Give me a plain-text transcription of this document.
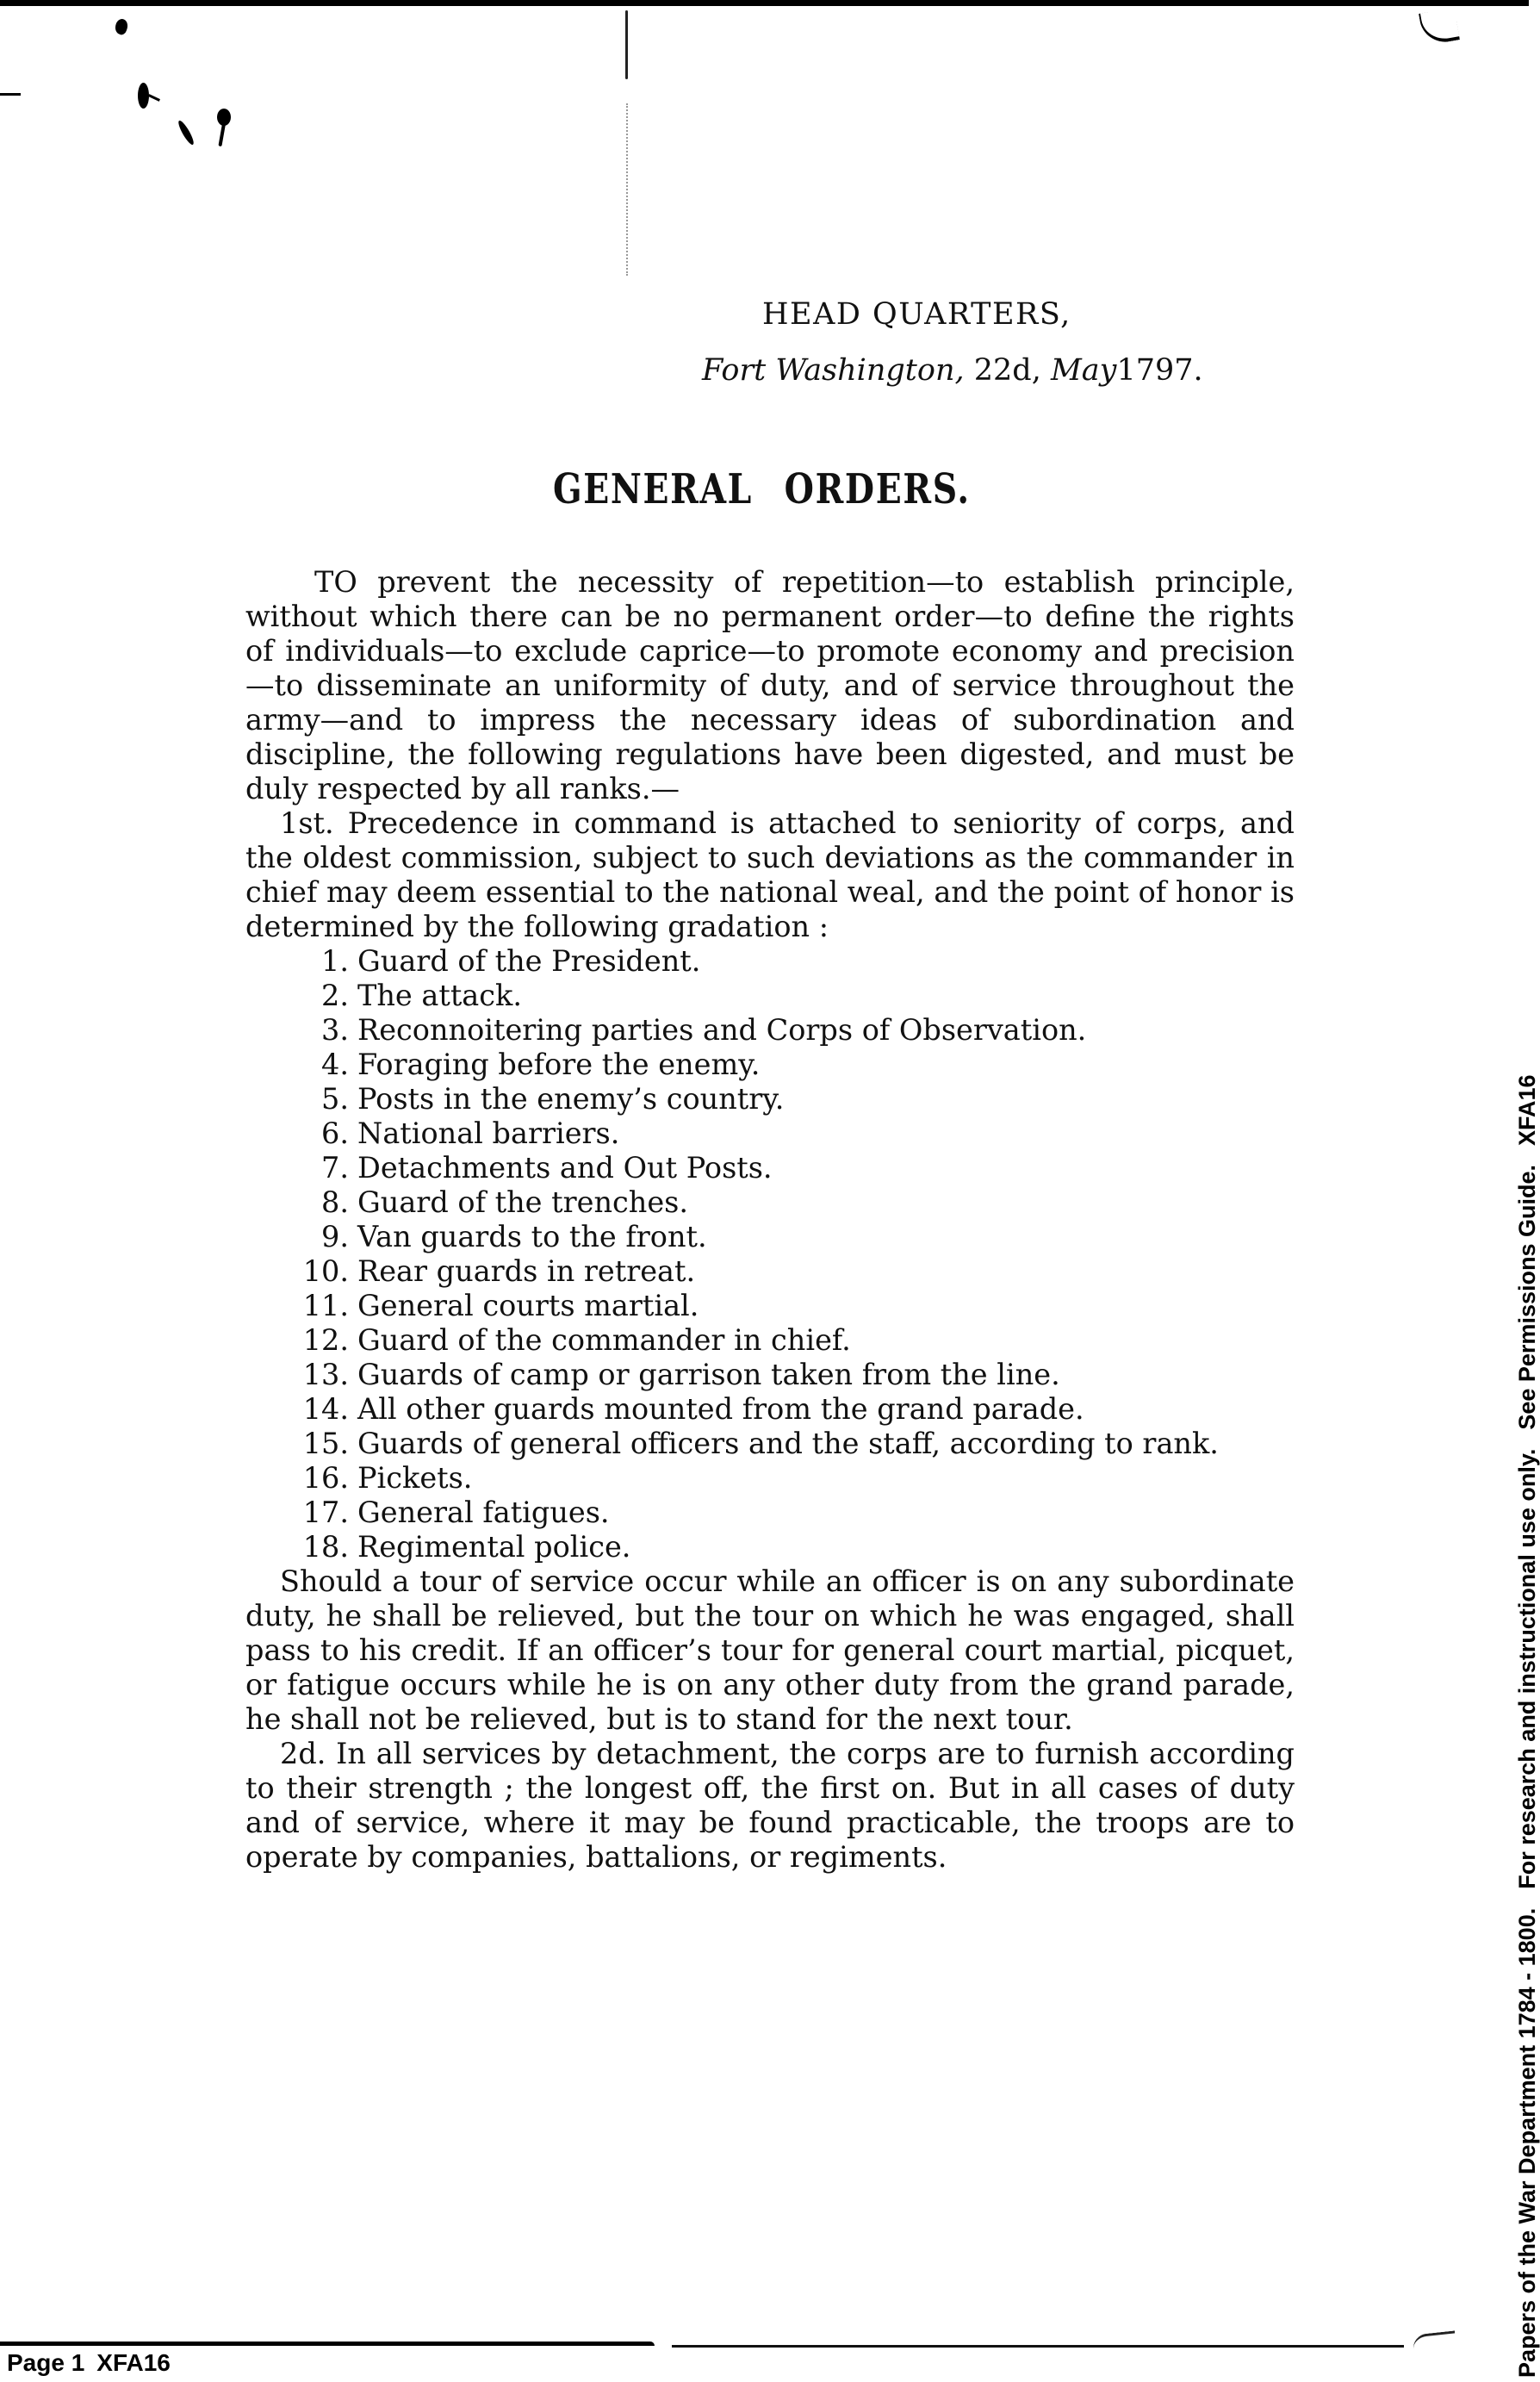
HEAD QUARTERS,
Fort Washington, 22d, May1797.
GENERAL ORDERS.

TO prevent the necessity of repetition—to establish principle, without which there can be no permanent order—to define the rights of individuals—to exclude caprice—to promote economy and precision—to disseminate an uniformity of duty, and of service throughout the army—and to impress the necessary ideas of subordination and discipline, the following regulations have been digested, and must be duly respected by all ranks.—

1st. Precedence in command is attached to seniority of corps, and the oldest commission, subject to such deviations as the commander in chief may deem essential to the national weal, and the point of honor is determined by the following gradation :

1. Guard of the President.
2. The attack.
3. Reconnoitering parties and Corps of Observation.
4. Foraging before the enemy.
5. Posts in the enemy’s country.
6. National barriers.
7. Detachments and Out Posts.
8. Guard of the trenches.
9. Van guards to the front.
10. Rear guards in retreat.
11. General courts martial.
12. Guard of the commander in chief.
13. Guards of camp or garrison taken from the line.
14. All other guards mounted from the grand parade.
15. Guards of general officers and the staff, according to rank.
16. Pickets.
17. General fatigues.
18. Regimental police.

Should a tour of service occur while an officer is on any subordinate duty, he shall be relieved, but the tour on which he was engaged, shall pass to his credit. If an officer’s tour for general court martial, picquet, or fatigue occurs while he is on any other duty from the grand parade, he shall not be relieved, but is to stand for the next tour.

2d. In all services by detachment, the corps are to furnish according to their strength ; the longest off, the first on. But in all cases of duty and of service, where it may be found practicable, the troops are to operate by companies, battalions, or regiments.

Papers of the War Department 1784 - 1800.For research and instructional use only.See Permissions Guide.XFA16
Page 1 XFA16
